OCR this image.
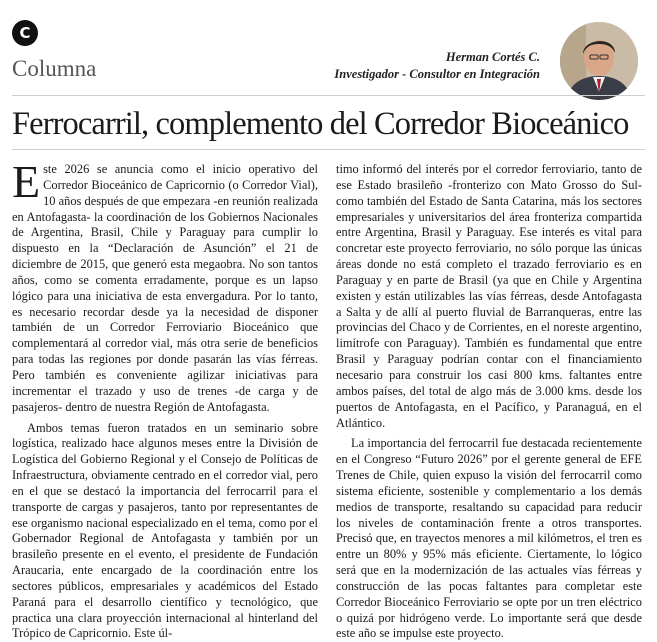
C
Columna	Herman Cortés C.
Investigador - Consultor en Integración
Ferrocarril, complemento del Corredor Bioceánico

Este 2026 se anuncia como el inicio operativo del Corredor Bioceánico de Capricornio (o Corredor Vial), 10 años después de que empezara -en reunión realizada en Antofagasta- la coordinación de los Gobiernos Nacionales de Argentina, Brasil, Chile y Paraguay para cumplir lo dispuesto en la “Declaración de Asunción” el 21 de diciembre de 2015, que generó esta megaobra. No son tantos años, como se comenta erradamente, porque es un lapso lógico para una iniciativa de esta envergadura. Por lo tanto, es necesario recordar desde ya la necesidad de disponer también de un Corredor Ferroviario Bioceánico que complementará al corredor vial, más otra serie de beneficios para todas las regiones por donde pasarán las vías férreas. Pero también es conveniente agilizar iniciativas para incrementar el trazado y uso de trenes -de carga y de pasajeros- dentro de nuestra Región de Antofagasta.

Ambos temas fueron tratados en un seminario sobre logística, realizado hace algunos meses entre la División de Logística del Gobierno Regional y el Consejo de Políticas de Infraestructura, obviamente centrado en el corredor vial, pero en el que se destacó la importancia del ferrocarril para el transporte de cargas y pasajeros, tanto por representantes de ese organismo nacional especializado en el tema, como por el Gobernador Regional de Antofagasta y también por un brasileño presente en el evento, el presidente de Fundación Araucaria, ente encargado de la coordinación entre los sectores públicos, empresariales y académicos del Estado Paraná para el desarrollo científico y tecnológico, que practica una clara proyección internacional al hinterland del Trópico de Capricornio. Este úl-

timo informó del interés por el corredor ferroviario, tanto de ese Estado brasileño -fronterizo con Mato Grosso do Sul- como también del Estado de Santa Catarina, más los sectores empresariales y universitarios del área fronteriza compartida entre Argentina, Brasil y Paraguay. Ese interés es vital para concretar este proyecto ferroviario, no sólo porque las únicas áreas donde no está completo el trazado ferroviario es en Paraguay y en parte de Brasil (ya que en Chile y Argentina existen y están utilizables las vías férreas, desde Antofagasta a Salta y de allí al puerto fluvial de Barranqueras, entre las provincias del Chaco y de Corrientes, en el noreste argentino, limítrofe con Paraguay). También es fundamental que entre Brasil y Paraguay podrían contar con el financiamiento necesario para construir los casi 800 kms. faltantes entre ambos países, del total de algo más de 3.000 kms. desde los puertos de Antofagasta, en el Pacífico, y Paranaguá, en el Atlántico.

La importancia del ferrocarril fue destacada recientemente en el Congreso “Futuro 2026” por el gerente general de EFE Trenes de Chile, quien expuso la visión del ferrocarril como sistema eficiente, sostenible y complementario a los demás medios de transporte, resaltando su capacidad para reducir los niveles de contaminación frente a otros transportes. Precisó que, en trayectos menores a mil kilómetros, el tren es entre un 80% y 95% más eficiente. Ciertamente, lo lógico será que en la modernización de las actuales vías férreas y construcción de las pocas faltantes para completar este Corredor Bioceánico Ferroviario se opte por un tren eléctrico o quizá por hidrógeno verde. Lo importante será que desde este año se impulse este proyecto.
